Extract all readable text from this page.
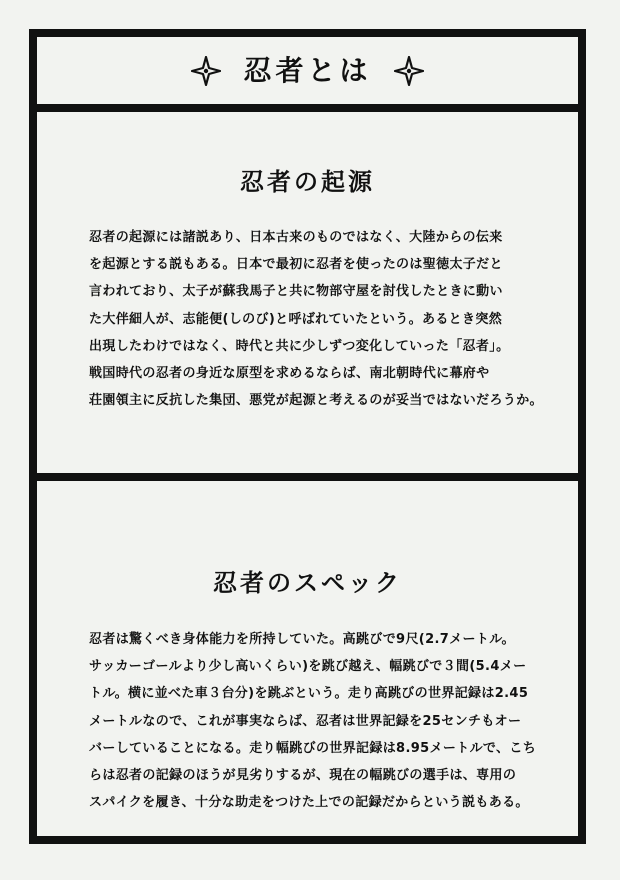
忍者とは
忍者の起源

忍者の起源には諸説あり、日本古来のものではなく、大陸からの伝来
を起源とする説もある。日本で最初に忍者を使ったのは聖徳太子だと
言われており、太子が蘇我馬子と共に物部守屋を討伐したときに動い
た大伴細人が、志能便(しのび)と呼ばれていたという。あるとき突然
出現したわけではなく、時代と共に少しずつ変化していった「忍者」。
戦国時代の忍者の身近な原型を求めるならば、南北朝時代に幕府や
荘園領主に反抗した集団、悪党が起源と考えるのが妥当ではないだろうか。

忍者のスペック

忍者は驚くべき身体能力を所持していた。高跳びで9尺(2.7メートル。
サッカーゴールより少し高いくらい)を跳び越え、幅跳びで３間(5.4メー
トル。横に並べた車３台分)を跳ぶという。走り高跳びの世界記録は2.45
メートルなので、これが事実ならば、忍者は世界記録を25センチもオー
バーしていることになる。走り幅跳びの世界記録は8.95メートルで、こち
らは忍者の記録のほうが見劣りするが、現在の幅跳びの選手は、専用の
スパイクを履き、十分な助走をつけた上での記録だからという説もある。
